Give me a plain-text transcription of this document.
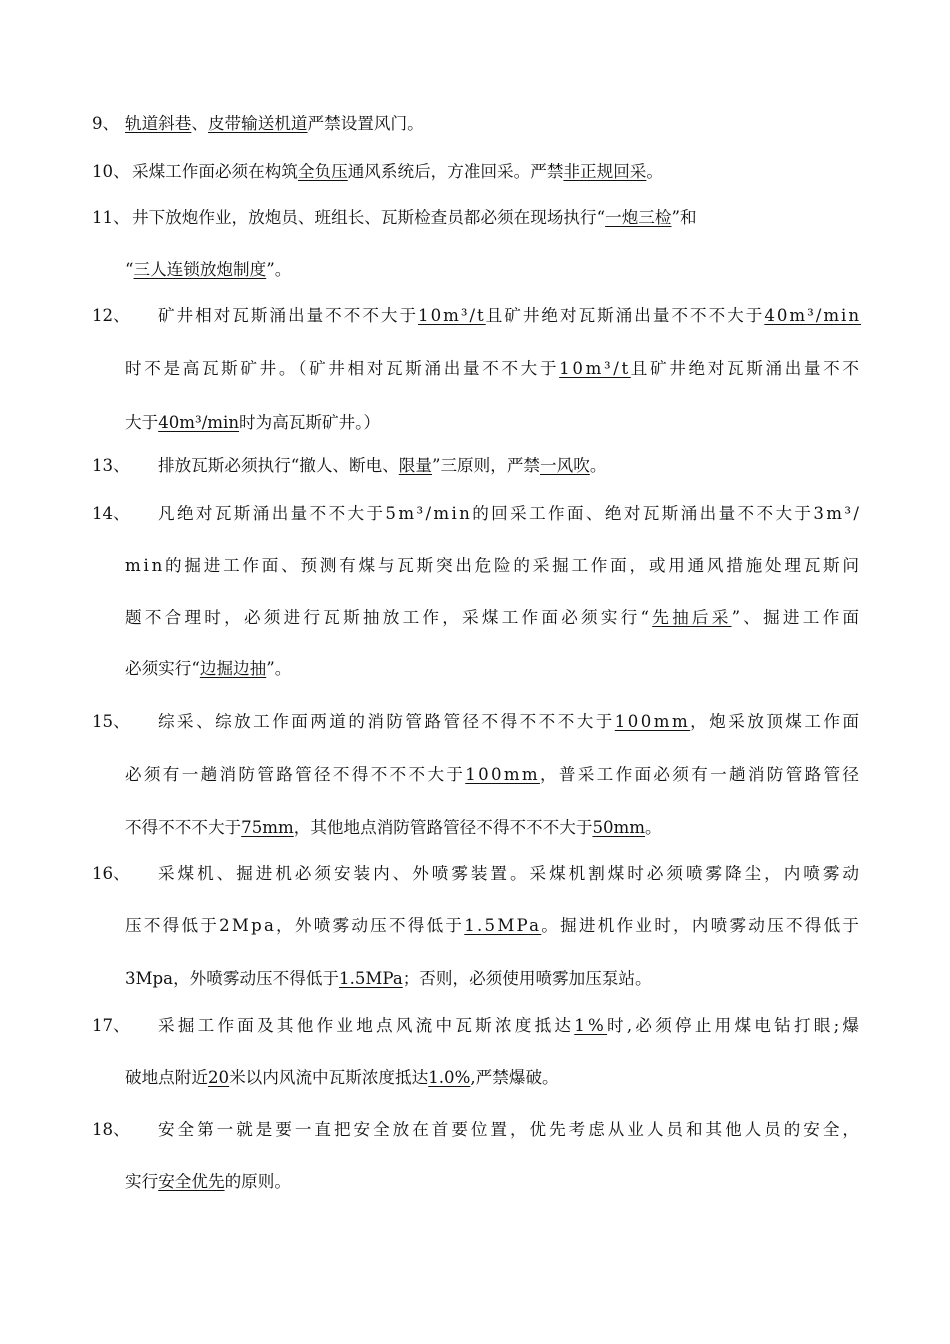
9、 轨道斜巷、皮带输送机道严禁设置风门。
10、 采煤工作面必须在构筑全负压通风系统后，方准回采。严禁非正规回采。
11、 井下放炮作业，放炮员、班组长、瓦斯检查员都必须在现场执行“一炮三检”和
“三人连锁放炮制度”。
12、 矿井相对瓦斯涌出量不不不大于10m³/t且矿井绝对瓦斯涌出量不不不大于40m³/min
时不是高瓦斯矿井。（矿井相对瓦斯涌出量不不大于10m³/t且矿井绝对瓦斯涌出量不不
大于40m³/min时为高瓦斯矿井。）
13、 排放瓦斯必须执行“撤人、断电、限量”三原则，严禁一风吹。
14、 凡绝对瓦斯涌出量不不大于5m³/min的回采工作面、绝对瓦斯涌出量不不大于3m³/
min的掘进工作面、预测有煤与瓦斯突出危险的采掘工作面，或用通风措施处理瓦斯问
题不合理时，必须进行瓦斯抽放工作，采煤工作面必须实行“先抽后采”、掘进工作面
必须实行“边掘边抽”。
15、 综采、综放工作面两道的消防管路管径不得不不不大于100mm，炮采放顶煤工作面
必须有一趟消防管路管径不得不不不大于100mm，普采工作面必须有一趟消防管路管径
不得不不不大于75mm，其他地点消防管路管径不得不不不大于50mm。
16、 采煤机、掘进机必须安装内、外喷雾装置。采煤机割煤时必须喷雾降尘，内喷雾动
压不得低于2Mpa，外喷雾动压不得低于1.5MPa。掘进机作业时，内喷雾动压不得低于
3Mpa，外喷雾动压不得低于1.5MPa；否则，必须使用喷雾加压泵站。
17、 采掘工作面及其他作业地点风流中瓦斯浓度抵达1%时,必须停止用煤电钻打眼;爆
破地点附近20米以内风流中瓦斯浓度抵达1.0%,严禁爆破。
18、 安全第一就是要一直把安全放在首要位置，优先考虑从业人员和其他人员的安全，
实行安全优先的原则。
